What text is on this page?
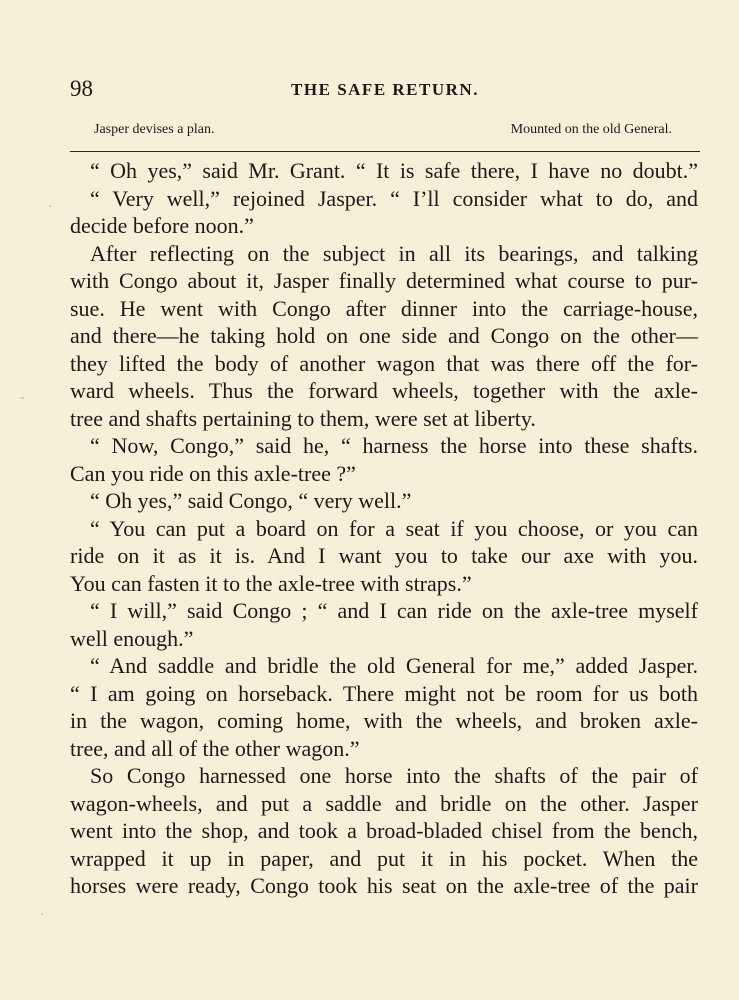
98	THE SAFE RETURN.
Jasper devises a plan.	Mounted on the old General.
“ Oh yes,” said Mr. Grant. “ It is safe there, I have no doubt.”
“ Very well,” rejoined Jasper. “ I’ll consider what to do, and
decide before noon.”
After reflecting on the subject in all its bearings, and talking
with Congo about it, Jasper finally determined what course to pur-
sue. He went with Congo after dinner into the carriage-house,
and there—he taking hold on one side and Congo on the other—
they lifted the body of another wagon that was there off the for-
ward wheels. Thus the forward wheels, together with the axle-
tree and shafts pertaining to them, were set at liberty.
“ Now, Congo,” said he, “ harness the horse into these shafts.
Can you ride on this axle-tree ?”
“ Oh yes,” said Congo, “ very well.”
“ You can put a board on for a seat if you choose, or you can
ride on it as it is. And I want you to take our axe with you.
You can fasten it to the axle-tree with straps.”
“ I will,” said Congo ; “ and I can ride on the axle-tree myself
well enough.”
“ And saddle and bridle the old General for me,” added Jasper.
“ I am going on horseback. There might not be room for us both
in the wagon, coming home, with the wheels, and broken axle-
tree, and all of the other wagon.”
So Congo harnessed one horse into the shafts of the pair of
wagon-wheels, and put a saddle and bridle on the other. Jasper
went into the shop, and took a broad-bladed chisel from the bench,
wrapped it up in paper, and put it in his pocket. When the
horses were ready, Congo took his seat on the axle-tree of the pair
·
-
·
